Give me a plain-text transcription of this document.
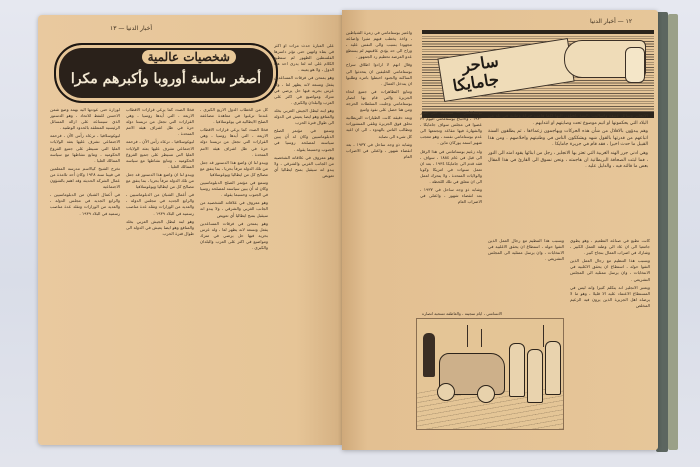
أخبار الدنيا — ١٣
شخصيات عالمية
أصغر ساسة أوروبا وأكبرهم مكرا
على العبارة حدث مرات او اكثر في بطء واتهين حتى تؤثر داسرها الفلسطين الظهور لم ستطيع الكلام على انه لعا يدرى احد هذا الدول ، ولا هو يعينه .
وهو يمتحن في فرقات المساعدين يفعل وتسعة لانه يظهر لعا ، وله عرس بحرية فيها حل يرضي في مترك ومواضيع في اكثر على العرب والبلدان والكبرى .
وهو ابنه لبطل الجيش العربي بخلد والمنافع وهو ايضا يعيش في الدولة الى طوال فترة الحرب
وسمع في مؤتمر الصلح الدبلوماسيين وكان له أن يبين سياسته لمصلحة روسيا في الجنوب وحسبما يقوله .
وهو معروف في علاقاته الشخصية من الجانب الغربي والشرقي ، ولا يبدو انه سيقبل بمنح ايطاليا أي تعويض
كل من الخطاب الدول الاربع الكبرى ، عندما ترغبوا في معاهدة مضاعفة الصلح الايطالية في يوغوسلافيا .
فخلا الصدد كما يرغي قرارات الاقطاب الاربعة ، التي أيدها روسيا ، وهي القرارات التي تجعل من تريستا دولة حرة في ظل اشراف هيئة الامم المتحدة .
ويبدو لنا ان واضع هذا الدستور قد جعل من تلك الدولة مرفأ بحريا ، بما يتفق مع مصالح كل من ايطاليا ويوغوسلافيا
وسمع في مؤتمر الصلح الدبلوماسيين وكان له أن يبين سياسته لمصلحة روسيا في الجنوب وحسبما يقوله .
وهو معروف في علاقاته الشخصية من الجانب الغربي والشرقي ، ولا يبدو انه سيقبل بمنح ايطاليا أي تعويض
وهو يمتحن في فرقات المساعدين يفعل وتسعة لانه يظهر لعا ، وله عرس بحرية فيها حل يرضي في مترك ومواضيع في اكثر على العرب والبلدان والكبرى .
فخلا الصدد كما يرغي قرارات الاقطاب الاربعة ، التي أيدها روسيا ، وهي القرارات التي تجعل من تريستا دولة حرة في ظل اشراف هيئة الامم المتحدة .
ليوغوسلافيا ، ترعاه رأس الآن ، فرحمة الاجتماعي تشرف عليها بعثة الولايات العليا التي تسيطر على جميع الفروع الحكومية ، وتتابع نشاطها مع سياسة الممالك العليا .
ويبدو لنا ان واضع هذا الدستور قد جعل من تلك الدولة مرفأ بحريا ، بما يتفق مع مصالح كل من ايطاليا ويوغوسلافيا
في أعمال الشبان من الدبلوماسيين ، والرابع الجديد في مجلس الدولة ، والعديد من الوزارات وتقلد عدة مناصب رسمية في البلاد ١٩٣٩ .
وهو ابنه لبطل الجيش العربي بخلد والمنافع وهو ايضا يعيش في الدولة الى طوال فترة الحرب
لوزارة حتى عودتها اليه بهمة وضع شمن الاحسن للنفط للاتحاد ، وهو الدستور الذي سيساعد على ازالة المسائل الرئيسية المتعلقة بالحدود الوطنية .
ليوغوسلافيا ، ترعاه رأس الآن ، فرحمة الاجتماعي تشرف عليها بعثة الولايات العليا التي تسيطر على جميع الفروع الحكومية ، وتتابع نشاطها مع سياسة الممالك العليا .
تخرج الشيخ كيالاسم مدرسة المعلمين في فيينا سنة ١٩٢٨ وكان أحد تلامذة من عمال الشركة الحديثة وقد اهتم بالشؤون الاجتماعية
في أعمال الشبان من الدبلوماسيين ، والرابع الجديد في مجلس الدولة ، والعديد من الوزارات وتقلد عدة مناصب رسمية في البلاد ١٩٣٩ .
١٢ — أخبار الدنيا
ساحر
جامايكا
واعتبر بوستامانتي في زمرة الشياطين ، واخذ يخطب فيهم مثيرا واضاعة مجهودا بسبب والى النفس عليه ، وراح الى حد يؤدي عاقبتهم لم يستطع عدو العرضة تحطيم رد الجمهور .
وقال انهم لا ارادوا اطلاق سراح بوستامانتي الخليفين ان يتحدثوا الى الساكنة والجنود احبطوا بامره وطلبوا ان يتدخل العمال .
وتتابع التظاهرات في جميع انحاء الجزيرة والتي قام بها انصار بوستامانتي وجلبت السلطات الحرجة ومن هنا حصل على نفوذ واسع
وبعد دقيقة كانت الطيارات البريطانية تحلق فوق الجزيرة وتلقي المنشورات وتطالب الناس بالهدوء ، الى ان اعيد كل شيء الى نصابه
وشابه ذو وجه ساحل في ١٩٣٧ ، بعد انقضاء شهور ، واعتلى في الاضراب العام
بوستامانتي — سيسعه حتى تموز ١٩٣٠ ، والاتباع بوستامانتي اليوم ٣٢ عضوا في مجلس سواف جامايكا ، والشهارة فيها مقاعد وتجمعها الى عدم بوستامانتي نفسه ، وهو معجب شهير اسمه يوركان ماين .
ولد زعيم بوستامانتي في هذا الرقل الى قبل في عام ١٨٨٤ ، سواف ، فقد قدم الى جامايكا ١٩٣٤ ، بعد ان تعمل سنوات في امريكا وكوبا والولايات المتحدة ، ولا يتحرك لعمل الى ان تتعلق في تلك اللحظة .
وشابه ذو وجه ساحل في ١٩٣٧ ، بعد انقضاء شهور ، واعتلى في الاضراب العام
الانجليز وسائل عنيفة واساليب بالسة يلجؤون اليها كلما قامت حركة وطنية في بلد من البلاد التي يحكمونها او اتيم موضوع تحت وصايتهم او انتدابهم .
وهم يبدؤون بالاقلال من شأن هذه الحركات ويهاجمون زعماءها ، ثم يطلقون السنة اتباعهم من قدرتها بالقول شهد ويشككون الناس في وطنيتهم واخلاصهم . ومن هذا القبيل ما حدث اخيرا ، فقد قام في جزيرة جامايكا .
وهي ادنى جزر الهند الغربية التي تعتز بها الانجليز ، رجل من ابنائها يقود امته الى النور ، فما لبثت الصحافة البريطانية ان هاجمته ، ونحن نسوق الى القارئ في هذا المقال بعض ما قالته فيه ، والدليل عليه .
كانت تطبع في صناعة التطعيم ، وهو يطوي جامعيا الى ان عاد الى وطنه العمل الكبير ، وشارك في اضراب العمال بنجاح كبير .
وبسبب هذا التنظيم مع رجال العمل الذين التفوا حوله ، استطاع ان يحقق الاغلبية في الانتخابات ، وان يرسل ممثليه الى المجلس التشريعي .
ويعتبر الانجليز انه يتكلم كثيرا وانه ليس في المستطاع الاعتماد عليه الا قليلا ، وهو ما لا يرضاه اهل الجزيرة الذين يرون فيه الزعيم المخلص
وبسبب هذا التنظيم مع رجال العمل الذين التفوا حوله ، استطاع ان يحقق الاغلبية في الانتخابات ، وان يرسل ممثليه الى المجلس التشريعي .
الانسامتي ، ايام سجينه ، والعاطفة تسحبه انصاره
